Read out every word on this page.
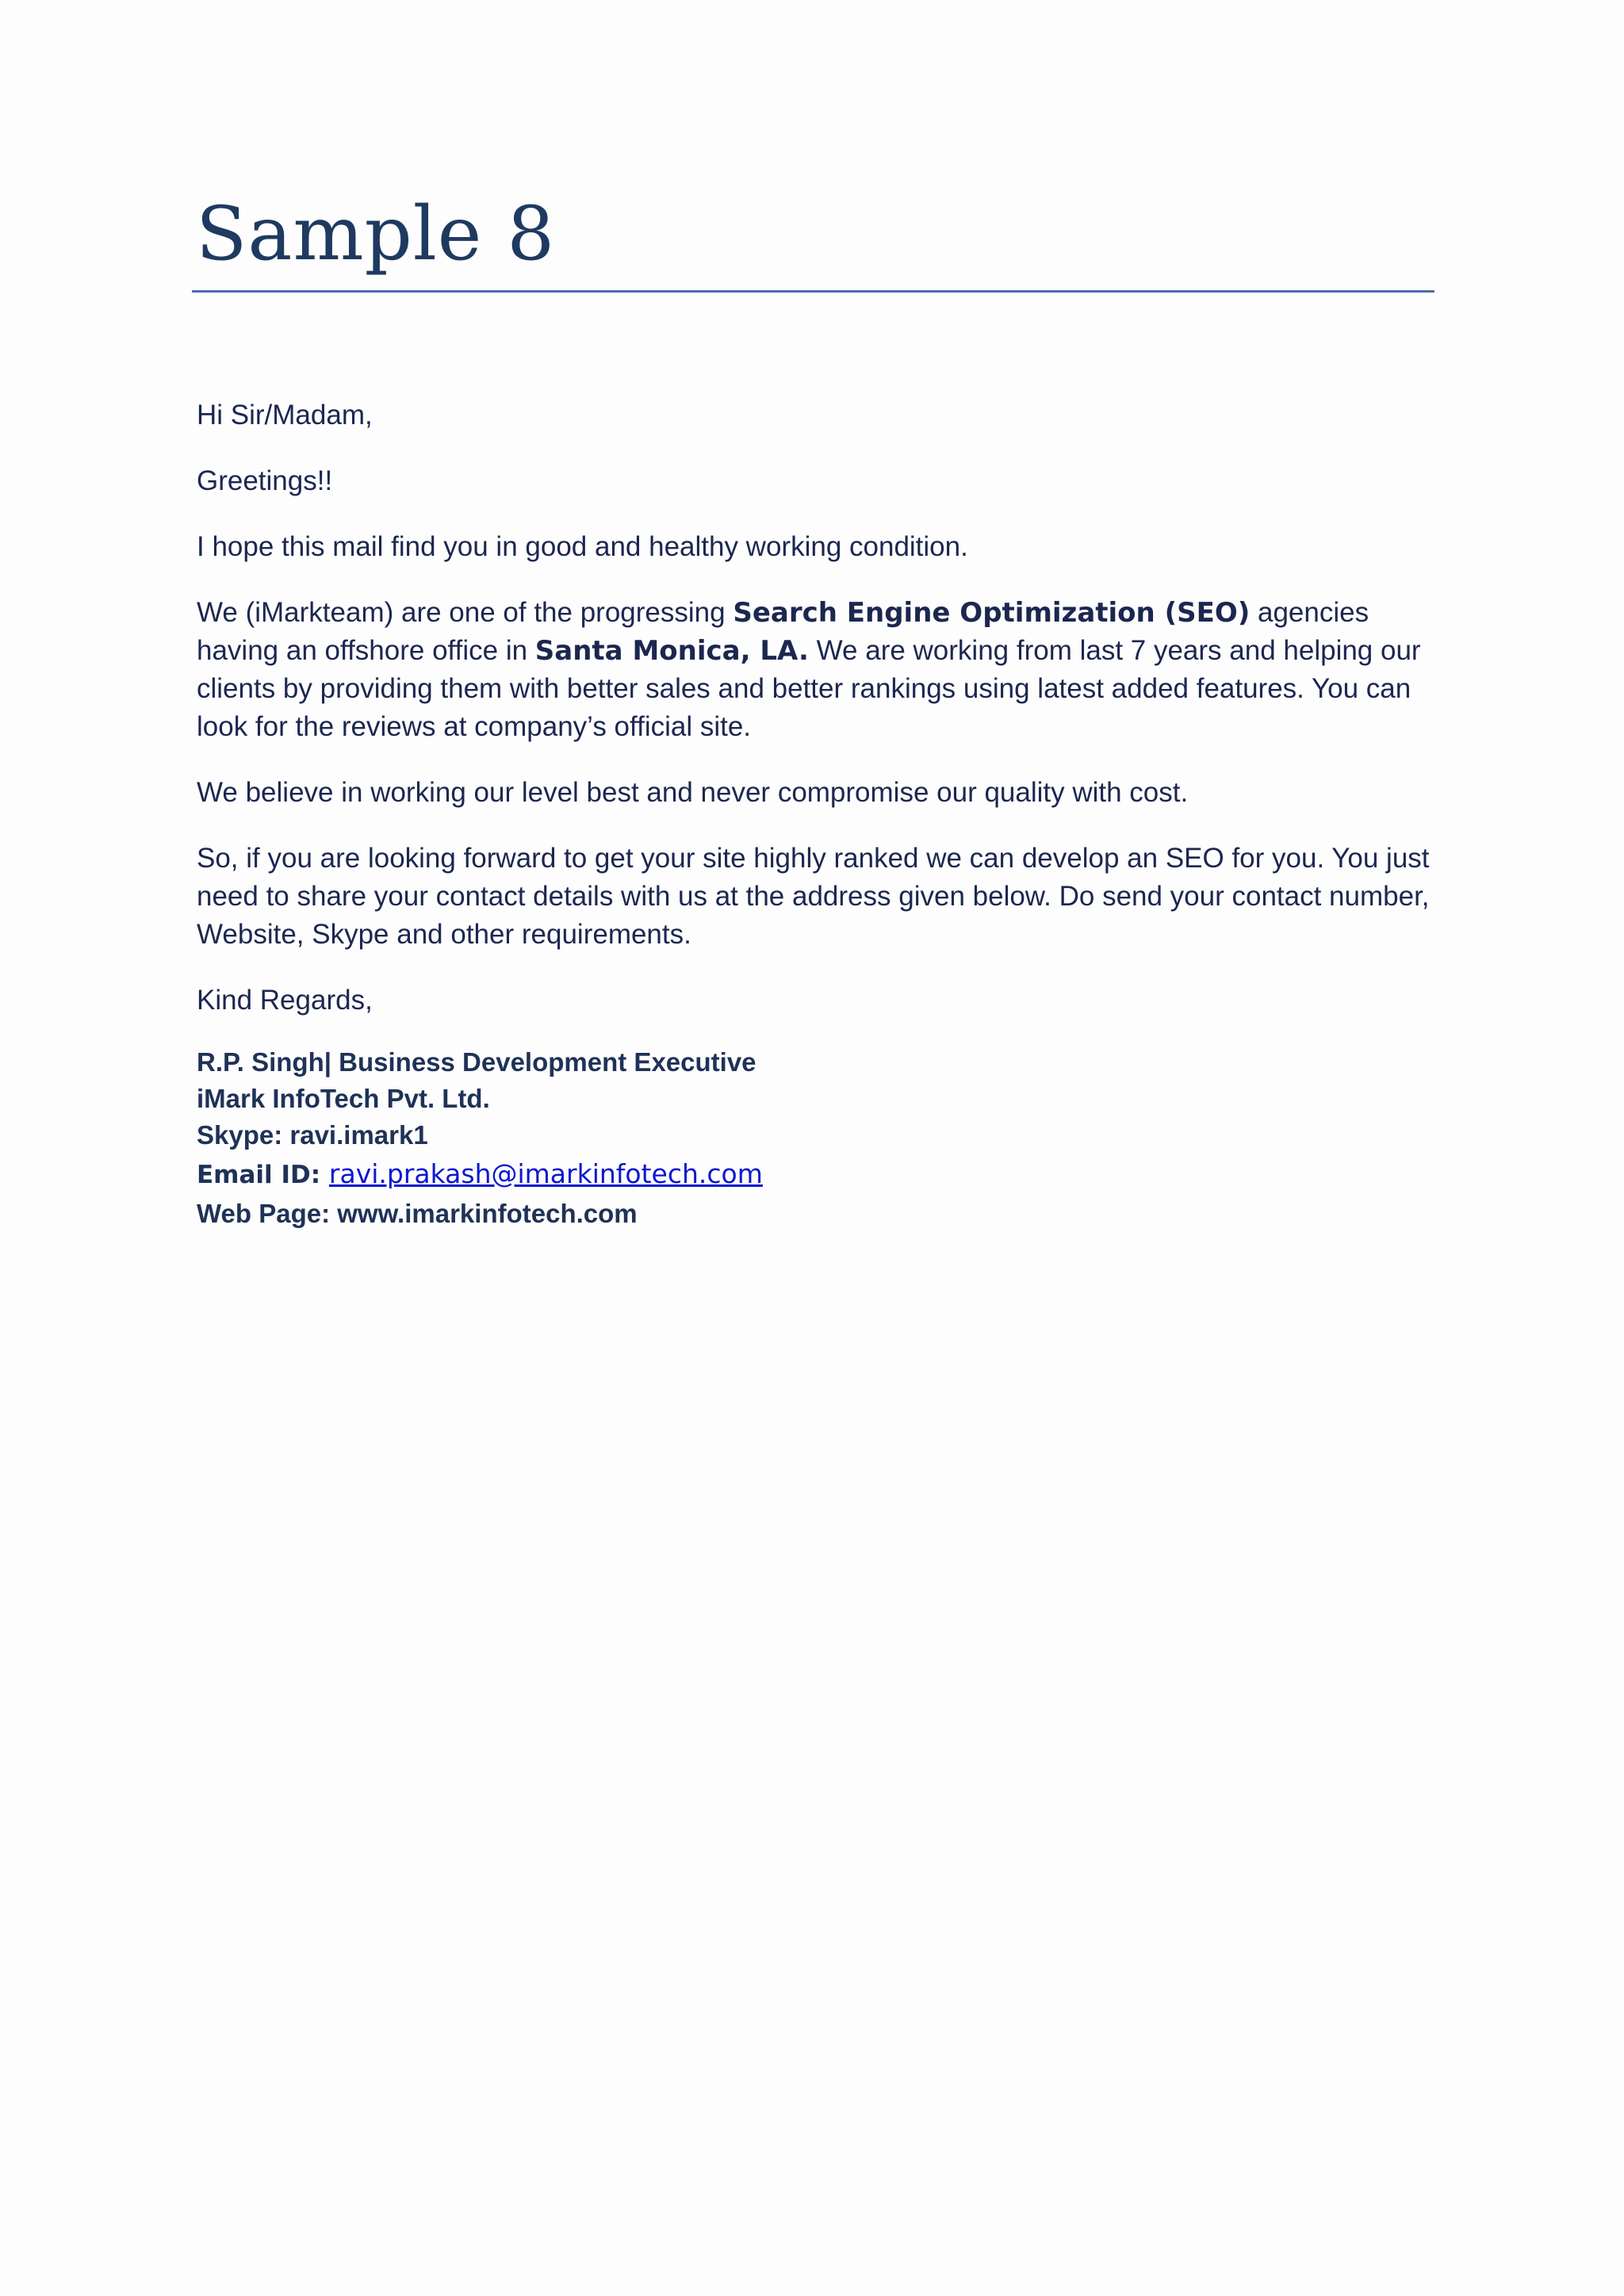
Sample 8

Hi Sir/Madam,

Greetings!!

I hope this mail find you in good and healthy working condition.

We (iMarkteam) are one of the progressing Search Engine Optimization (SEO) agencies having an offshore office in Santa Monica, LA. We are working from last 7 years and helping our clients by providing them with better sales and better rankings using latest added features. You can look for the reviews at company’s official site.

We believe in working our level best and never compromise our quality with cost.

So, if you are looking forward to get your site highly ranked we can develop an SEO for you. You just need to share your contact details with us at the address given below. Do send your contact number, Website, Skype and other requirements.

Kind Regards,

R.P. Singh| Business Development Executive
iMark InfoTech Pvt. Ltd.
Skype: ravi.imark1
Email ID: ravi.prakash@imarkinfotech.com
Web Page: www.imarkinfotech.com
